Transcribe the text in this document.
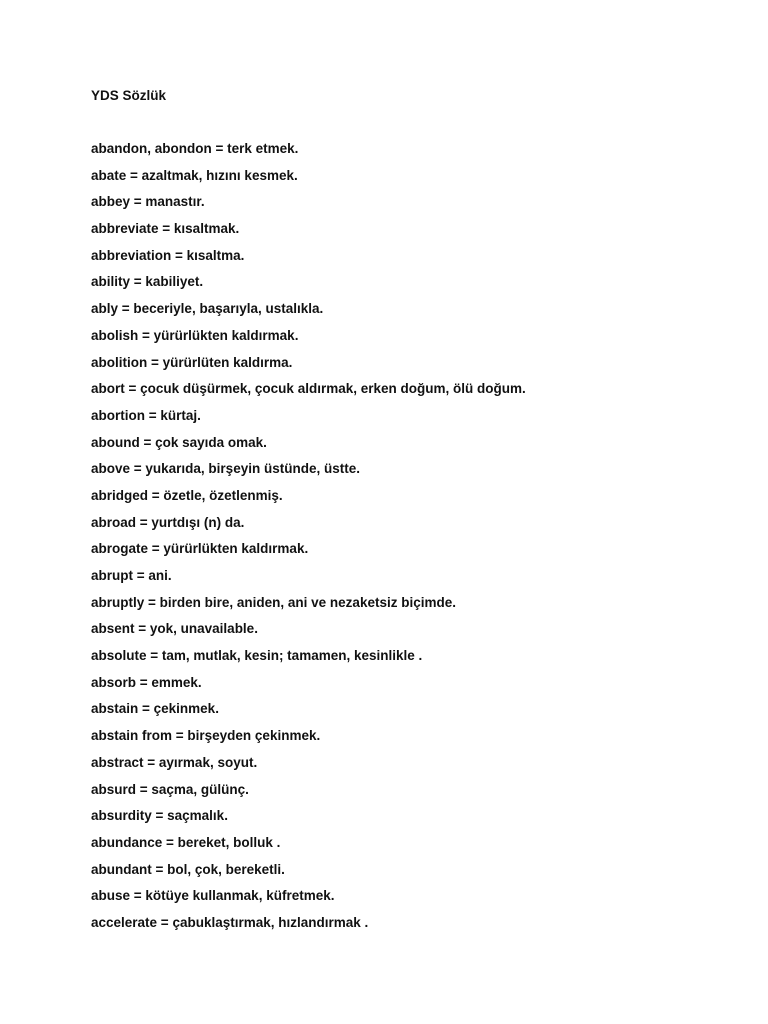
YDS Sözlük
abandon, abondon = terk etmek.
abate = azaltmak, hızını kesmek.
abbey = manastır.
abbreviate = kısaltmak.
abbreviation = kısaltma.
ability = kabiliyet.
ably = beceriyle, başarıyla, ustalıkla.
abolish = yürürlükten kaldırmak.
abolition = yürürlüten kaldırma.
abort = çocuk düşürmek, çocuk aldırmak, erken doğum, ölü doğum.
abortion = kürtaj.
abound = çok sayıda omak.
above = yukarıda, birşeyin üstünde, üstte.
abridged = özetle, özetlenmiş.
abroad = yurtdışı (n) da.
abrogate = yürürlükten kaldırmak.
abrupt = ani.
abruptly = birden bire, aniden, ani ve nezaketsiz biçimde.
absent = yok, unavailable.
absolute = tam, mutlak, kesin; tamamen, kesinlikle .
absorb = emmek.
abstain = çekinmek.
abstain from = birşeyden çekinmek.
abstract = ayırmak, soyut.
absurd = saçma, gülünç.
absurdity = saçmalık.
abundance = bereket, bolluk .
abundant = bol, çok, bereketli.
abuse = kötüye kullanmak, küfretmek.
accelerate = çabuklaştırmak, hızlandırmak .
